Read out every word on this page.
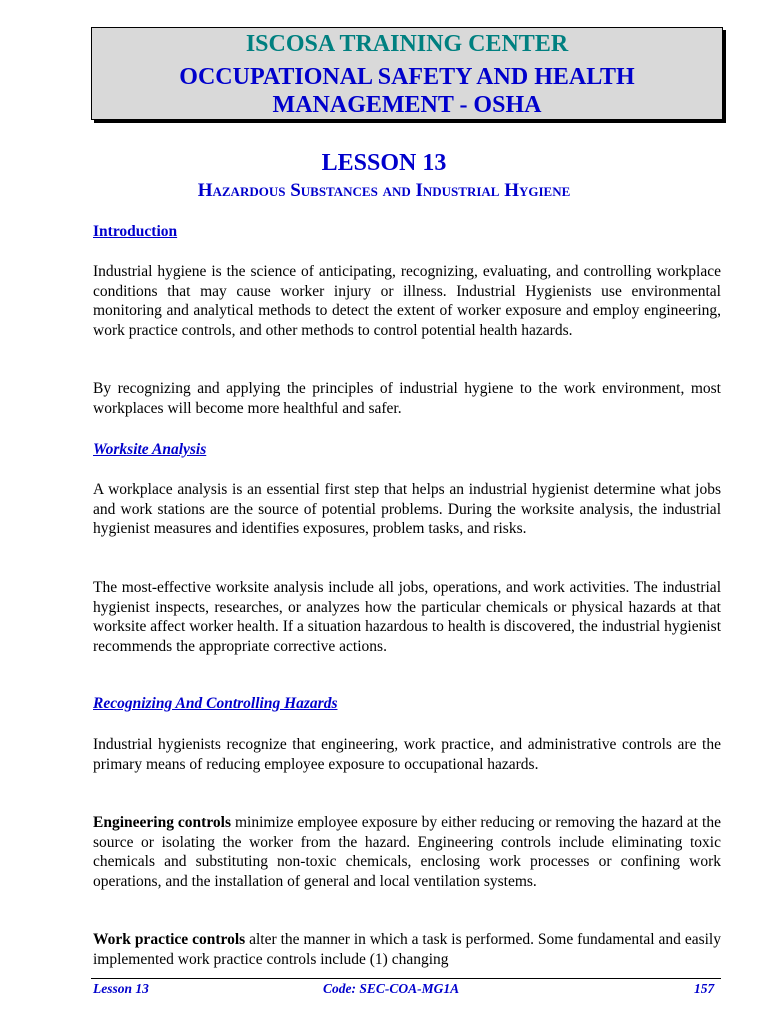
ISCOSA TRAINING CENTER
OCCUPATIONAL SAFETY AND HEALTH
MANAGEMENT - OSHA
LESSON 13
Hazardous Substances and Industrial Hygiene
Introduction

Industrial hygiene is the science of anticipating, recognizing, evaluating, and controlling workplace conditions that may cause worker injury or illness. Industrial Hygienists use environmental monitoring and analytical methods to detect the extent of worker exposure and employ engineering, work practice controls, and other methods to control potential health hazards.

By recognizing and applying the principles of industrial hygiene to the work environment, most workplaces will become more healthful and safer.

Worksite Analysis

A workplace analysis is an essential first step that helps an industrial hygienist determine what jobs and work stations are the source of potential problems. During the worksite analysis, the industrial hygienist measures and identifies exposures, problem tasks, and risks.

The most-effective worksite analysis include all jobs, operations, and work activities. The industrial hygienist inspects, researches, or analyzes how the particular chemicals or physical hazards at that worksite affect worker health. If a situation hazardous to health is discovered, the industrial hygienist recommends the appropriate corrective actions.

Recognizing And Controlling Hazards

Industrial hygienists recognize that engineering, work practice, and administrative controls are the primary means of reducing employee exposure to occupational hazards.

Engineering controls minimize employee exposure by either reducing or removing the hazard at the source or isolating the worker from the hazard. Engineering controls include eliminating toxic chemicals and substituting non-toxic chemicals, enclosing work processes or confining work operations, and the installation of general and local ventilation systems.

Work practice controls alter the manner in which a task is performed. Some fundamental and easily implemented work practice controls include (1) changing

Lesson 13	Code: SEC-COA-MG1A	157
